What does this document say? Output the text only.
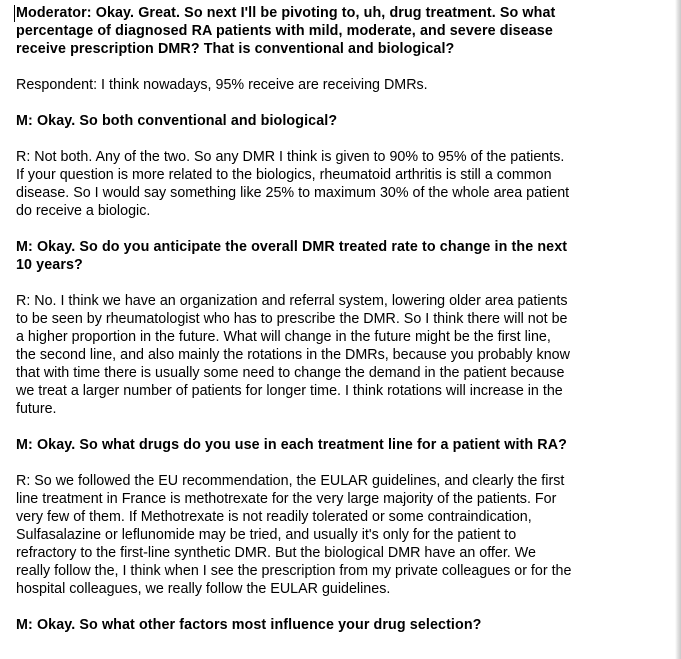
Moderator: Okay. Great. So next I'll be pivoting to, uh, drug treatment. So what
percentage of diagnosed RA patients with mild, moderate, and severe disease
receive prescription DMR? That is conventional and biological?

Respondent: I think nowadays, 95% receive are receiving DMRs.

M: Okay. So both conventional and biological?

R: Not both. Any of the two. So any DMR I think is given to 90% to 95% of the patients.
If your question is more related to the biologics, rheumatoid arthritis is still a common
disease. So I would say something like 25% to maximum 30% of the whole area patient
do receive a biologic.

M: Okay. So do you anticipate the overall DMR treated rate to change in the next
10 years?

R: No. I think we have an organization and referral system, lowering older area patients
to be seen by rheumatologist who has to prescribe the DMR. So I think there will not be
a higher proportion in the future. What will change in the future might be the first line,
the second line, and also mainly the rotations in the DMRs, because you probably know
that with time there is usually some need to change the demand in the patient because
we treat a larger number of patients for longer time. I think rotations will increase in the
future.

M: Okay. So what drugs do you use in each treatment line for a patient with RA?

R: So we followed the EU recommendation, the EULAR guidelines, and clearly the first
line treatment in France is methotrexate for the very large majority of the patients. For
very few of them. If Methotrexate is not readily tolerated or some contraindication,
Sulfasalazine or leflunomide may be tried, and usually it's only for the patient to
refractory to the first-line synthetic DMR. But the biological DMR have an offer. We
really follow the, I think when I see the prescription from my private colleagues or for the
hospital colleagues, we really follow the EULAR guidelines.

M: Okay. So what other factors most influence your drug selection?
